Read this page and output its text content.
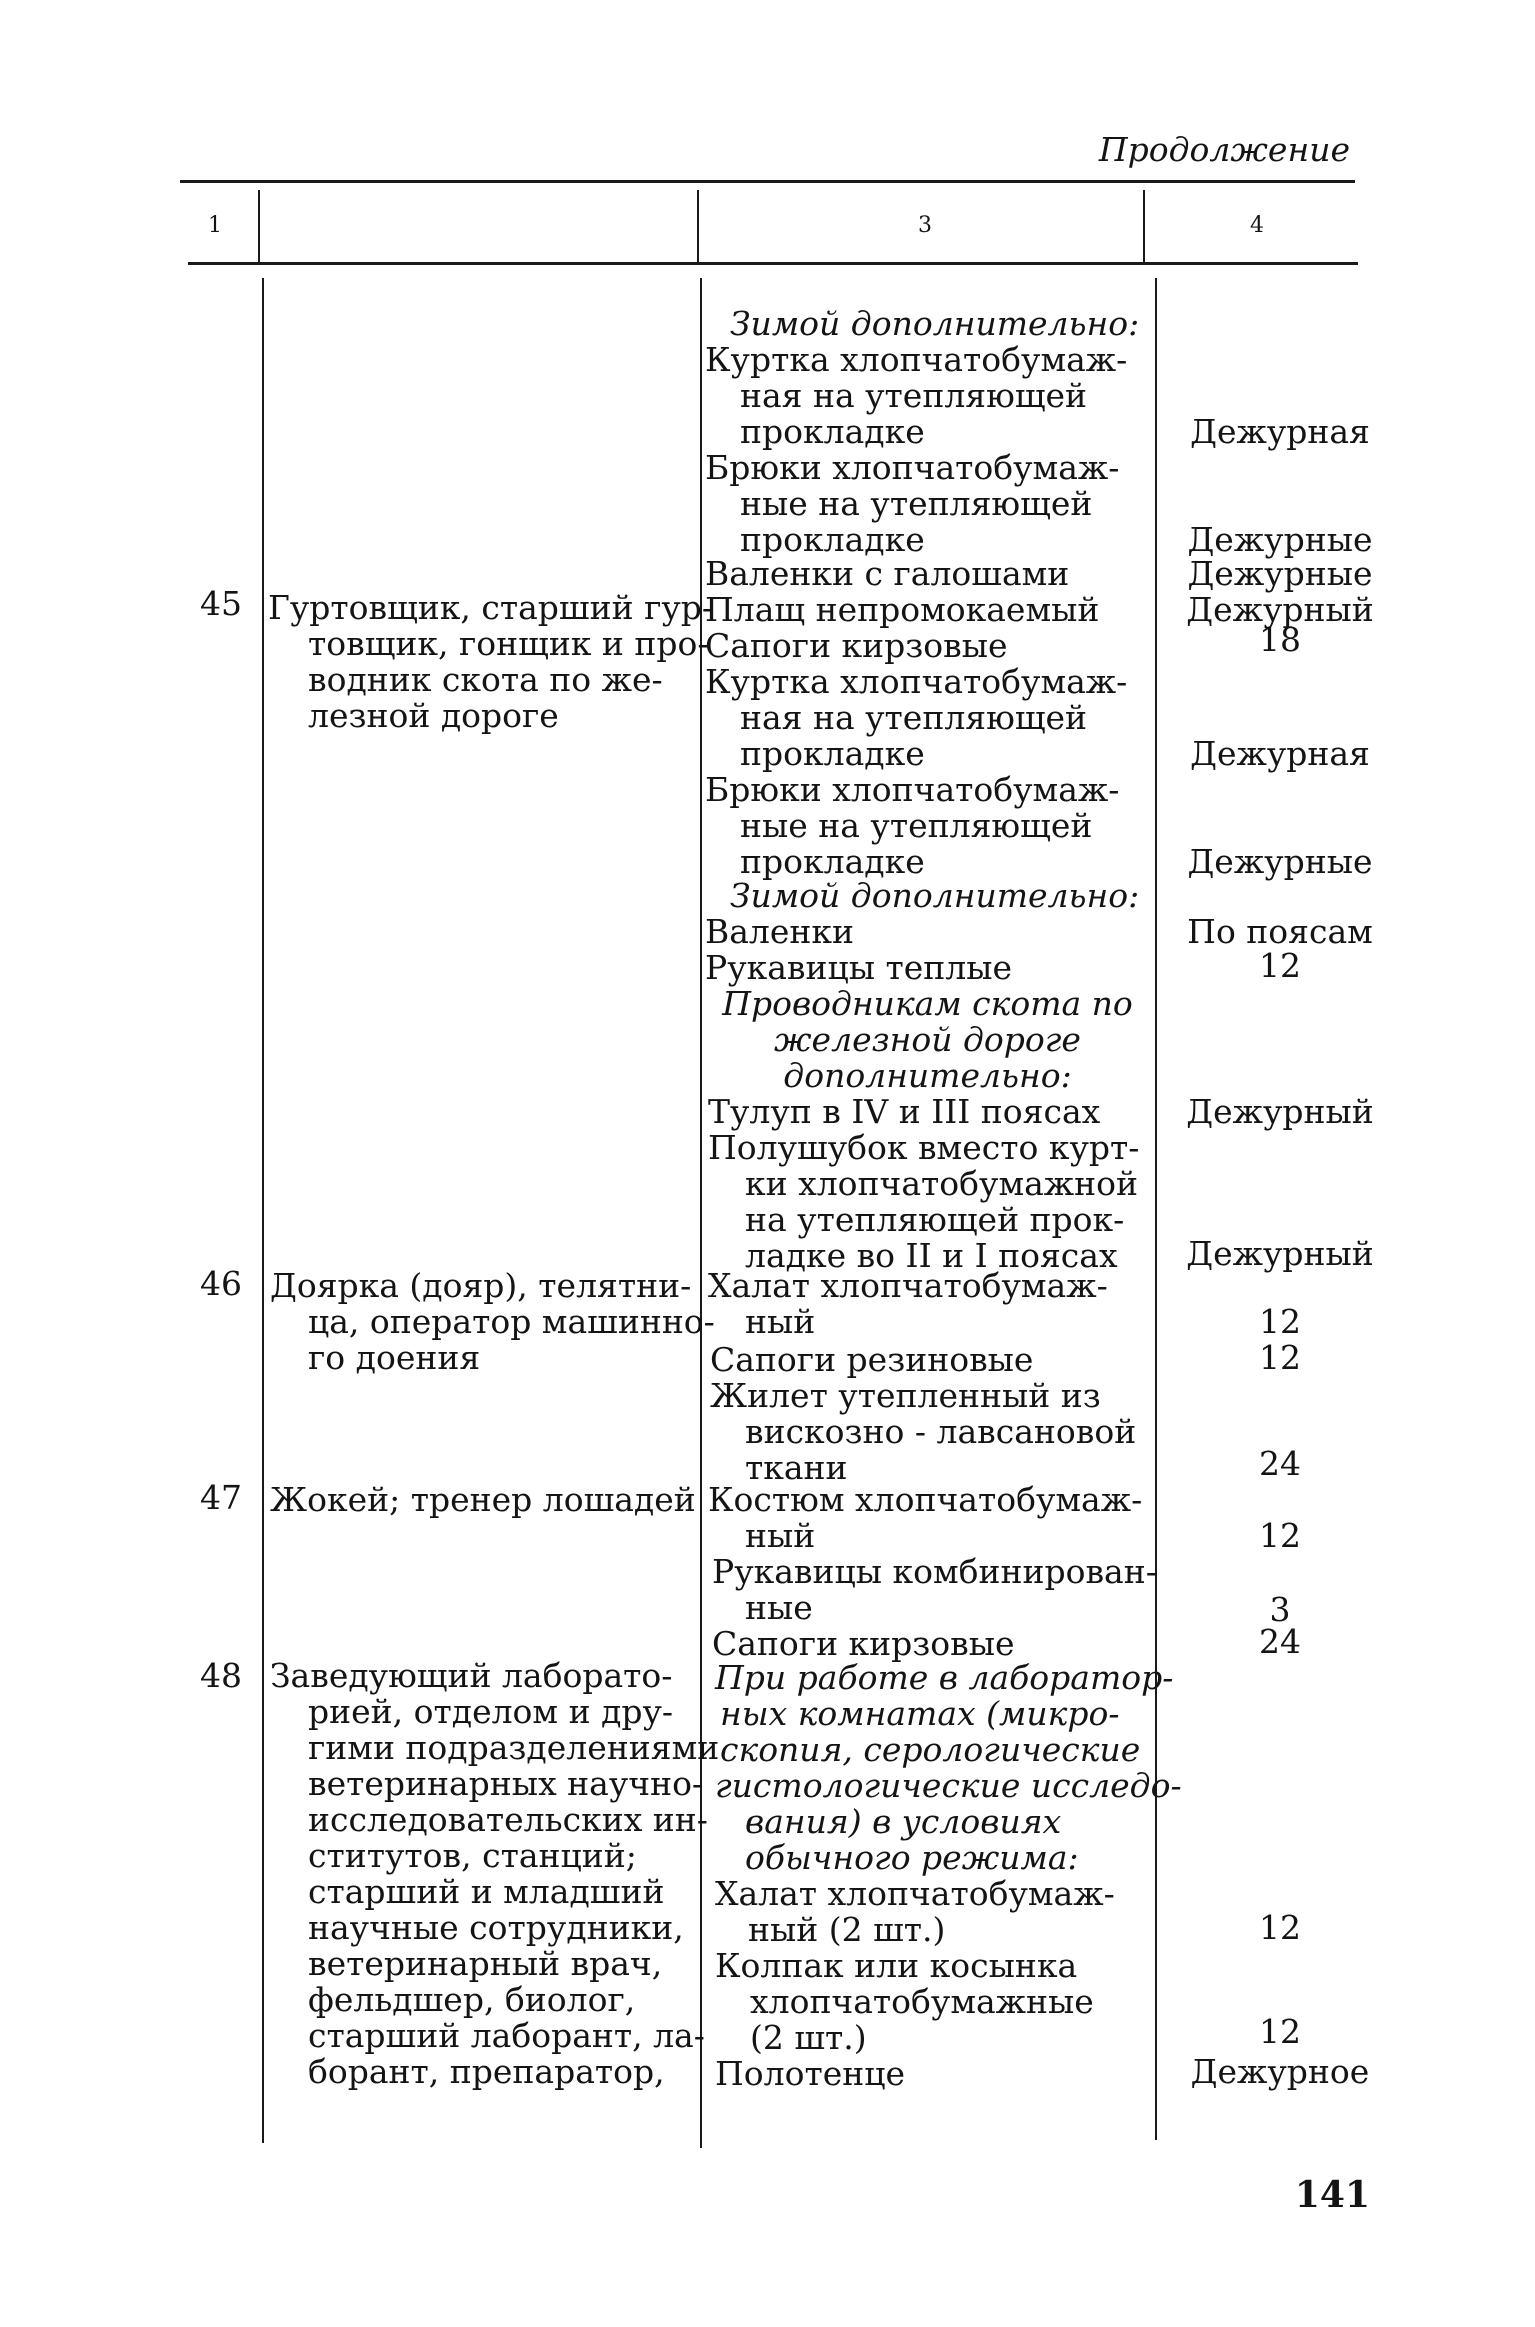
Продолжение
1	3	4
45
46
47
48
Гуртовщик, старший гур-
товщик, гонщик и про-
водник скота по же-
лезной дороге
Доярка (дояр), телятни-
ца, оператор машинно-
го доения
Жокей; тренер лошадей
Заведующий лаборато-
рией, отделом и дру-
гими подразделениями
ветеринарных научно-
исследовательских ин-
ститутов, станций;
старший и младший
научные сотрудники,
ветеринарный врач,
фельдшер, биолог,
старший лаборант, ла-
борант, препаратор,
Зимой дополнительно:
Куртка хлопчатобумаж-
ная на утепляющей
прокладке
Брюки хлопчатобумаж-
ные на утепляющей
прокладке
Валенки с галошами
Плащ непромокаемый
Сапоги кирзовые
Куртка хлопчатобумаж-
ная на утепляющей
прокладке
Брюки хлопчатобумаж-
ные на утепляющей
прокладке
Зимой дополнительно:
Валенки
Рукавицы теплые
Проводникам скота по
железной дороге
дополнительно:
Тулуп в IV и III поясах
Полушубок вместо курт-
ки хлопчатобумажной
на утепляющей прок-
ладке во II и I поясах
Халат хлопчатобумаж-
ный
Сапоги резиновые
Жилет утепленный из
вискозно - лавсановой
ткани
Костюм хлопчатобумаж-
ный
Рукавицы комбинирован-
ные
Сапоги кирзовые
При работе в лаборатор-
ных комнатах (микро-
скопия, серологические
гистологические исследо-
вания) в условиях
обычного режима:
Халат хлопчатобумаж-
ный (2 шт.)
Колпак или косынка
хлопчатобумажные
(2 шт.)
Полотенце
Дежурная
Дежурные
Дежурные
Дежурный
18
Дежурная
Дежурные
По поясам
12
Дежурный
Дежурный
12
12
24
12
3
24
12
12
Дежурное
141
